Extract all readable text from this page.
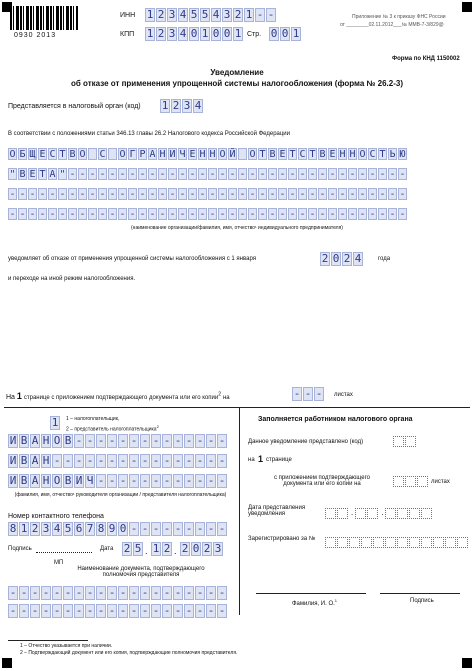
0930 2013
ИНН 1 2 3 4 5 5 4 3 2 1 - -
КПП 1 2 3 4 0 1 0 0 1 Стр. 0 0 1
Приложение № 3 к приказу ФНС России
от ________02.11.2012___№ ММВ-7-3/829@
Форма по КНД 1150002
Уведомление
об отказе от применения упрощенной системы налогообложения (форма № 26.2-3)
Представляется в налоговый орган (код) 1 2 3 4
В соответствии с положениями статьи 346.13 главы 26.2 Налогового кодекса Российской Федерации
О Б Щ Е С Т В О С О Г Р А Н И Ч Е Н Н О Й О Т В Е Т С Т В Е Н Н О С Т Ь Ю
" В Е Т А " - - - - - - - - - - - - - - - - - - - - - - - - - - - - - - - - - -
- - - - - - - - - - - - - - - - - - - - - - - - - - - - - - - - - - - - - - - -
- - - - - - - - - - - - - - - - - - - - - - - - - - - - - - - - - - - - - - - -
(наименование организации/фамилия, имя, отчество¹ индивидуального предпринимателя)
уведомляет об отказе от применения упрощенной системы налогообложения с 1 января	2 0 2 4	года
и переходе на иной режим налогообложения.
На 1 странице с приложением подтверждающего документа или его копии$^2$ на	- - - листах
1	1 – налогоплательщик,
2 – представитель налогоплательщика$^2$
И В А Н О В - - - - - - - - - - - - - -
И В А Н - - - - - - - - - - - - - - - -
И В А Н О В И Ч - - - - - - - - - - - -
(фамилия, имя, отчество¹ руководителя организации / представителя налогоплательщика)
Номер контактного телефона
8 1 2 3 4 5 6 7 8 9 0 - - - - - - - - -
Подпись	Дата 2 5 . 1 2 . 2 0 2 3
МП
Наименование документа, подтверждающего полномочия представителя
- - - - - - - - - - - - - - - - - - - -
- - - - - - - - - - - - - - - - - - - -
Заполняется работником налогового органа
Данное уведомление представлено (код)
на 1 странице
с приложением подтверждающего документа или его копии на	листах
Дата представления уведомления	.	.
Зарегистрировано за №
Фамилия, И. О.$^1$	Подпись
1 – Отчество указывается при наличии.
2 – Подтверждающий документ или его копия, подтверждающие полномочия представителя.
